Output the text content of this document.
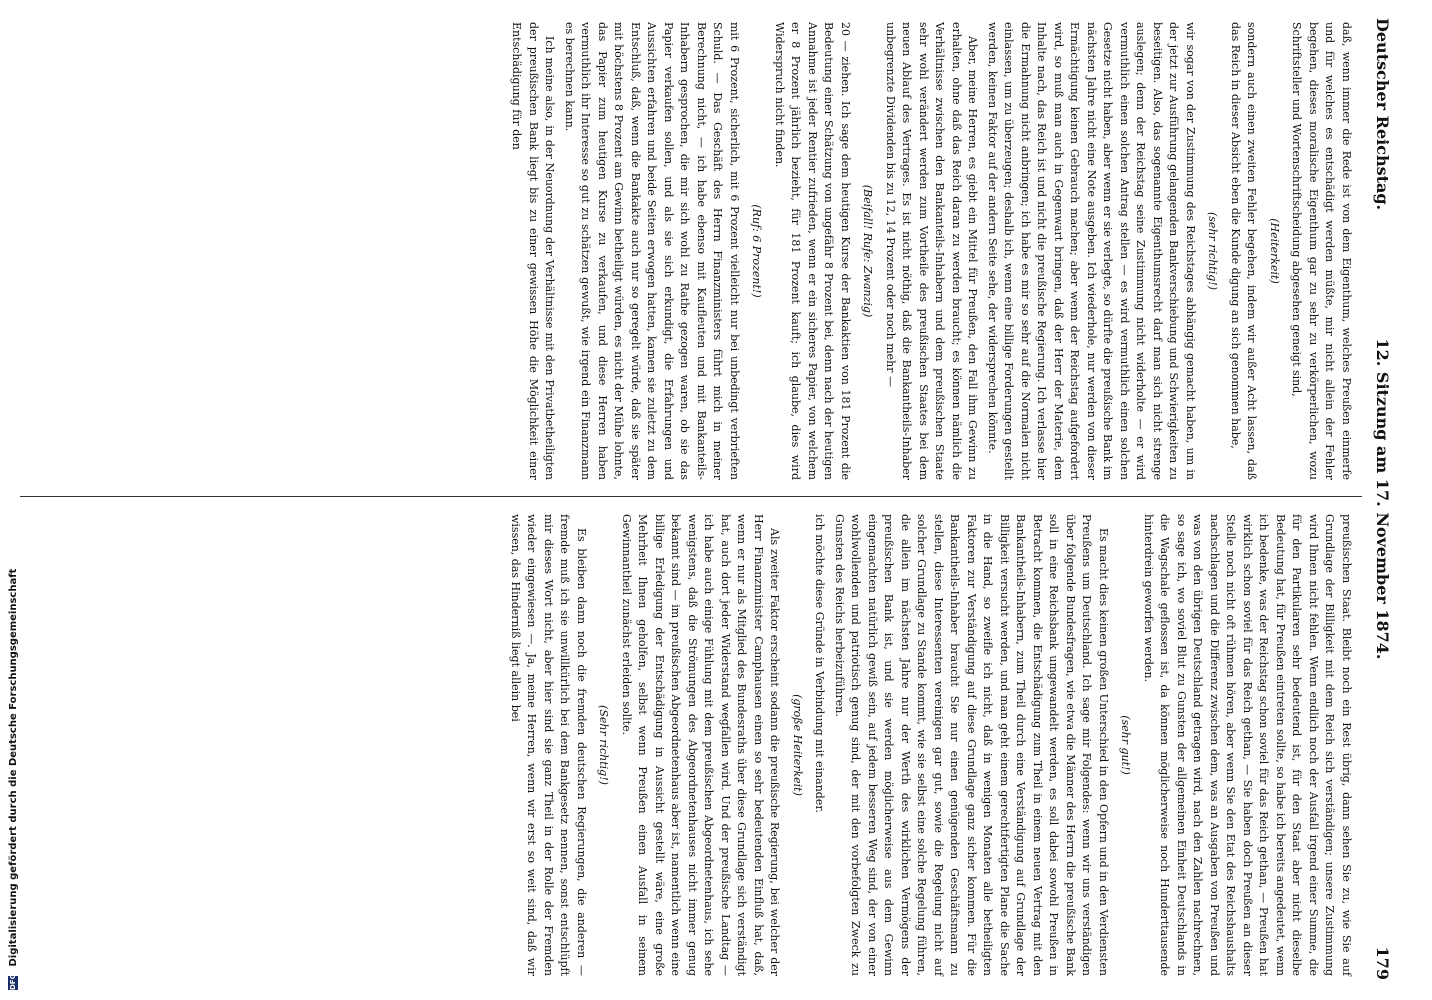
Deutscher Reichstag.
12. Sitzung am 17. November 1874.
179

daß, wenn immer die Rede ist von dem Eigenthum, welches Preußen einmerfe und für welches es entschädigt werden müßte, mir nicht allein der Fehler begehen, dieses moralische Eigenthum gar zu sehr zu verkörperlichen, wozu Schriftsteller und Wortenschriftscheidung abgesehen geneigt sind,

(Heiterkeit)

sondern auch einen zweiten Fehler begehen, indem wir außer Acht lassen, daß das Reich in dieser Absicht eben die Kunde digung an sich genommen habe,

(sehr richtig!)

wir sogar von der Zustimmung des Reichstages abhängig gemacht haben, um in der jetzt zur Ausführung gelangenden Bankverschiebung und Schwierigkeiten zu beseitigen. Also, das sogenannte Eigenthumsrecht darf man sich nicht strenge auslegen; denn der Reichstag seine Zustimmung nicht widerholte — er wird vermuthlich einen solchen Antrag stellen — es wird vermuthlich einen solchen Gesetze nicht haben, aber wenn er sie verlegte, so dürfte die preußische Bank im nächsten Jahre nicht eine Note ausgeben. Ich wiederhole, nur werden von dieser Ermächtigung keinen Gebrauch machen; aber wenn der Reichstag aufgefordert wird, so muß man auch in Gegenwart bringen, daß der Herr der Materie, dem Inhalte nach, das Reich ist und nicht die preußische Regierung. Ich verlasse hier die Ermahnung nicht anbringen; ich habe es mir so sehr auf die Normalen nicht einlassen, um zu überzeugen; deshalb ich, wenn eine billige Forderungen gestellt werden, keinen Faktor auf der andern Seite sehe, der widersprechen könnte.

Aber, meine Herren, es giebt ein Mittel für Preußen, den Fall ihm Gewinn zu erhalten, ohne daß das Reich daran zu werden braucht; es können nämlich die Verhältnisse zwischen den Bankanteils-Inhabern und dem preußischen Staate sehr wohl verändert werden zum Vortheile des preußischen Staates bei dem neuen Ablauf des Vertrages. Es ist nicht nöthig, daß die Bankantheils-Inhaber unbegrenzte Dividenden bis zu 12, 14 Prozent oder noch mehr —

(Beifall! Rufe: Zwanzig)

20 — ziehen. Ich sage dem heutigen Kurse der Bankaktien von 181 Prozent die Bedeutung einer Schätzung von ungefähr 8 Prozent bei, denn nach der heutigen Annahme ist jeder Rentier zufrieden, wenn er ein sicheres Papier, von welchem er 8 Prozent jährlich bezieht, für 181 Prozent kauft; ich glaube, dies wird Widerspruch nicht finden.

(Ruf: 6 Prozent!)

mit 6 Prozent, sicherlich, mit 6 Prozent vielleicht nur bei unbedingt verbrieften Schuld. — Das Geschäft des Herrn Finanzministers führt mich in meiner Berechnung nicht, — ich habe ebenso mit Kaufleuten und mit Bankanteils-Inhabern gesprochen, die mir sich wohl zu Rathe gezogen waren, ob sie das Papier verkaufen sollen, und als sie sich erkundigt, die Erfahrungen und Aussichten erfahren und beide Seiten erwogen hatten, kamen sie zuletzt zu dem Entschluß, daß, wenn die Bankakte auch nur so geregelt würde, daß sie später mit höchstens 8 Prozent am Gewinn betheiligt würden, es nicht der Mühe lohnte, das Papier zum heutigen Kurse zu verkaufen, und diese Herren haben vermuthlich ihr Interesse so gut zu schätzen gewußt, wie irgend ein Finanzmann es berechnen kann.

Ich meine also, in der Neuordnung der Verhältnisse mit den Privatbetheiligten der preußischen Bank liegt bis zu einer gewissen Höhe die Möglichkeit einer Entschädigung für den

preußischen Staat. Bleibt noch ein Rest übrig, dann sehen Sie zu, wie Sie auf Grundlage der Billigkeit mit dem Reich sich verständigen; unsere Zustimmung wird Ihnen nicht fehlen. Wenn endlich noch der Ausfall irgend einer Summe, die für den Partikularen sehr bedeutend ist, für den Staat aber nicht dieselbe Bedeutung hat, für Preußen eintreten sollte, so habe ich bereits angedeutet, wenn ich bedenke, was der Reichstag schon soviel für das Reich gethan, — Preußen hat wirklich schon soviel für das Reich gethan, — Sie haben doch Preußen an dieser Stelle noch nicht oft rühmen hören, aber wenn Sie den Etat des Reichshaushalts nachschlagen und die Differenz zwischen dem, was an Ausgaben von Preußen und was von den übrigen Deutschland getragen wird, nach den Zahlen nachrechnen, so sage ich, wo soviel Blut zu Gunsten der allgemeinen Einheit Deutschlands in die Wagschale geflossen ist, da können möglicherweise noch Hunderttausende hinterdrein geworfen werden.

(sehr gut!)

Es macht dies keinen großen Unterschied in den Opfern und in den Verdiensten Preußens um Deutschland. Ich sage mir Folgendes: wenn wir uns verständigen über folgende Bundesfragen, wie etwa die Männer des Herrn die preußische Bank soll in eine Reichsbank umgewandelt werden, es soll dabei sowohl Preußen in Betracht kommen, die Entschädigung zum Theil in einem neuen Vertrag mit den Bankantheils-Inhabern, zum Theil durch eine Verständigung auf Grundlage der Billigkeit versucht werden, und man geht einem gerechtfertigten Plane die Sache in die Hand, so zweifle ich nicht, daß in wenigen Monaten alle betheiligten Faktoren zur Verständigung auf diese Grundlage ganz sicher kommen. Für die Bankantheils-Inhaber braucht Sie nur einen genügenden Geschäftsmann zu stellen, diese Interessenten vereinigen gar gut, sowie die Regelung nicht auf solcher Grundlage zu Stande kommt, wie sie selbst eine solche Regelung führen, die allein im nächsten Jahre nur der Werth des wirklichen Vermögens der preußischen Bank ist, und sie werden möglicherweise aus dem Gewinn eingemachten natürlich gewiß sein, auf jedem besseren Weg sind, der von einer wohlwollenden und patriotisch genug sind, der mit den vorbefolgten Zweck zu Gunsten des Reichs herbeizuführen.

ich möchte diese Gründe in Verbindung mit einander.

(große Heiterkeit)

Als zweiter Faktor erscheint sodann die preußische Regierung, bei welcher der Herr Finanzminister Camphausen einen so sehr bedeutenden Einfluß hat, daß, wenn er nur als Mitglied des Bundesraths über diese Grundlage sich verständigt hat, auch dort jeder Widerstand wegfallen wird. Und der preußische Landtag — ich habe auch einige Fühlung mit dem preußischen Abgeordnetenhaus, ich sehe wenigstens, daß die Strömungen des Abgeordnetenhauses nicht immer genug bekannt sind — im preußischen Abgeordnetenhaus aber ist, namentlich wenn eine billige Erledigung der Entschädigung in Aussicht gestellt wäre, eine große Mehrheit Ihnen geholfen, selbst wenn Preußen einen Ausfall in seinem Gewinnantheil zunächst erleiden sollte.

(Sehr richtig!)

Es bleiben dann noch die fremden deutschen Regierungen, die anderen — fremde muß ich sie unwillkürlich bei dem Bankgesetz nennen, sonst entschlüpft mir dieses Wort nicht, aber hier sind sie ganz Theil in der Rolle der Fremden wieder eingewiesen —. Ja, meine Herren, wenn wir erst so weit sind, daß wir wissen, das Hinderniß liegt allein bei

DFG Digitalisierung gefördert durch die Deutsche Forschungsgemeinschaft
